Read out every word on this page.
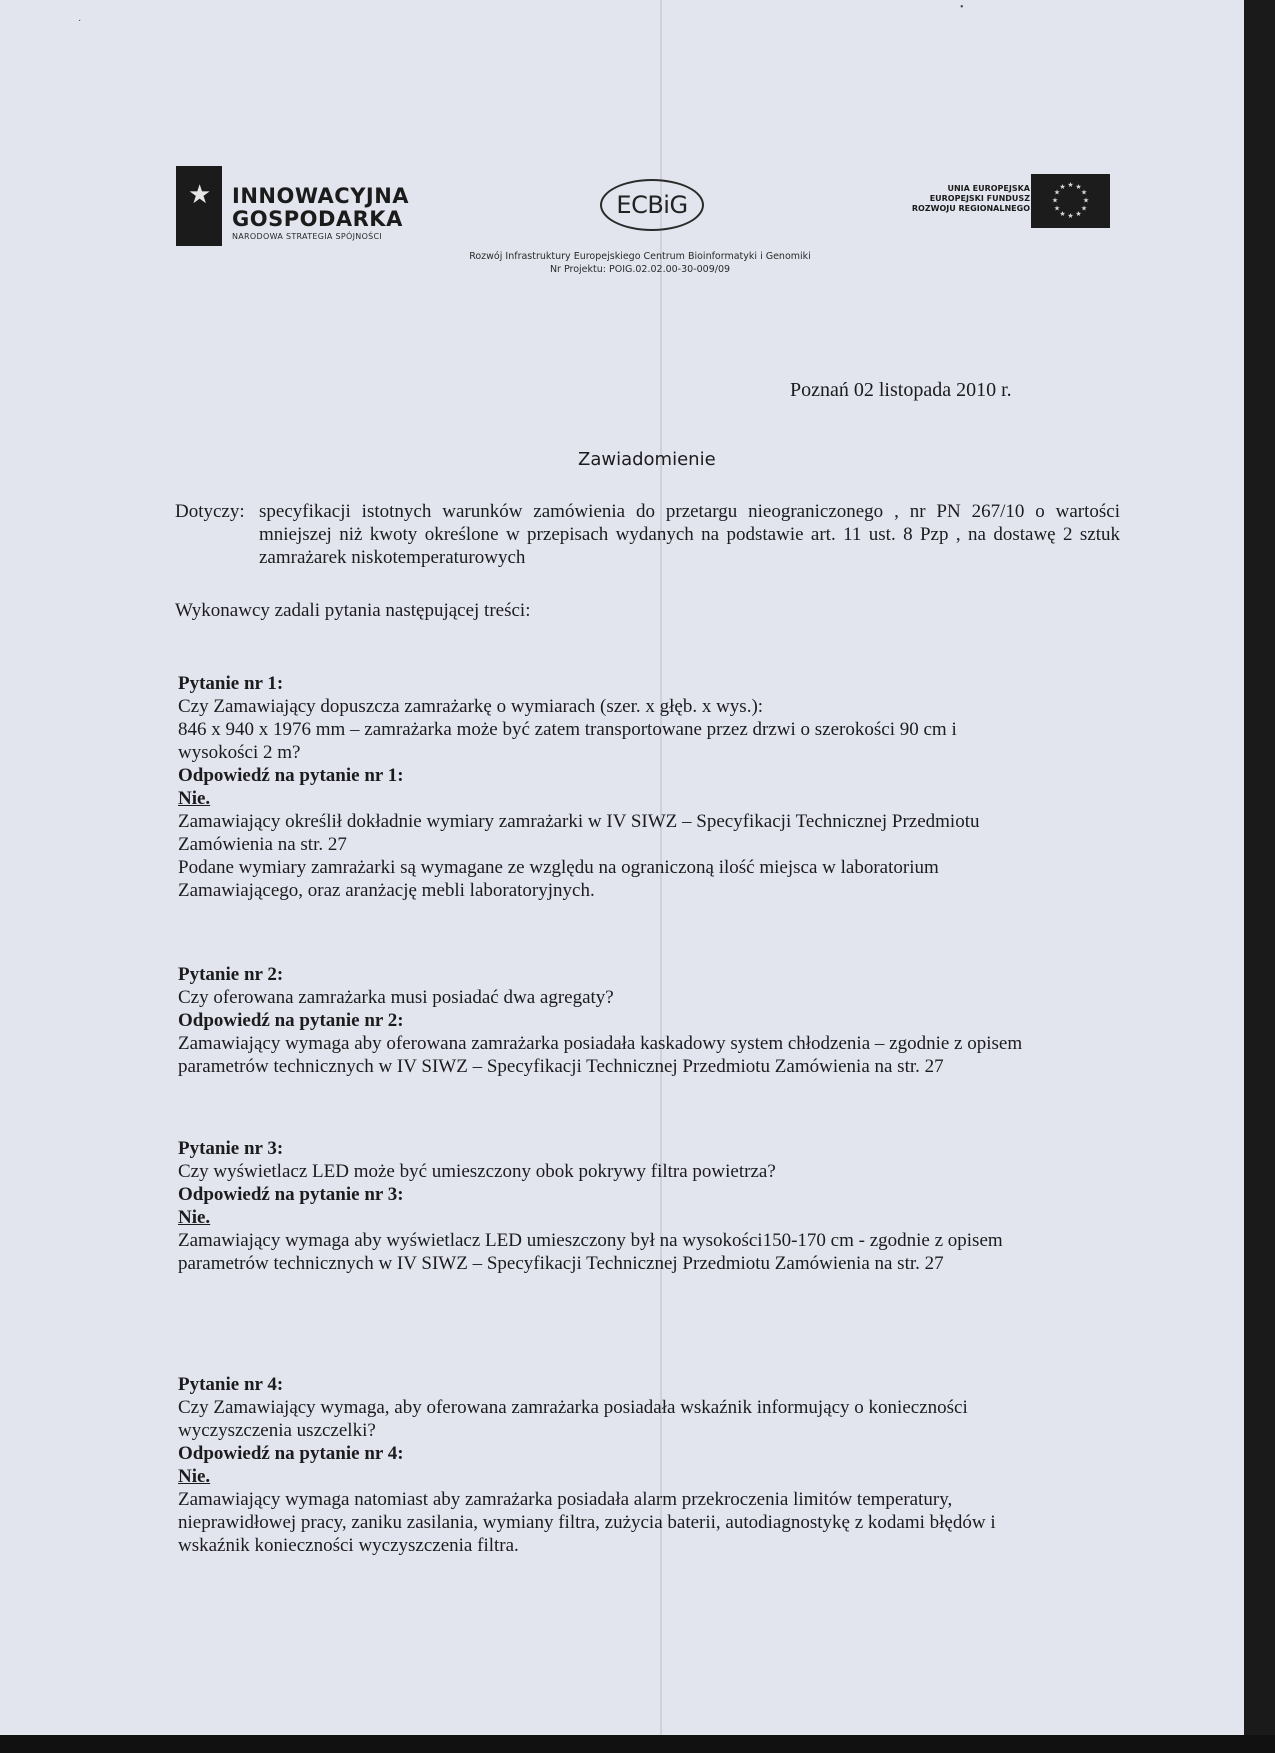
★ INNOWACYJNA
GOSPODARKA
NARODOWA STRATEGIA SPÓJNOŚCI
ECBiG
UNIA EUROPEJSKA
EUROPEJSKI FUNDUSZ
ROZWOJU REGIONALNEGO
★ ★
★
★
★
★
★
★
★
★
★
★
Rozwój Infrastruktury Europejskiego Centrum Bioinformatyki i Genomiki
Nr Projektu: POIG.02.02.00-30-009/09
Poznań 02 listopada 2010 r.
Zawiadomienie
Dotyczy: specyfikacji istotnych warunków zamówienia do przetargu nieograniczonego , nr PN 267/10 o wartości mniejszej niż kwoty określone w przepisach wydanych na podstawie art. 11 ust. 8 Pzp , na dostawę 2 sztuk zamrażarek niskotemperaturowych
Wykonawcy zadali pytania następującej treści:

Pytanie nr 1:

Czy Zamawiający dopuszcza zamrażarkę o wymiarach (szer. x głęb. x wys.):

846 x 940 x 1976 mm – zamrażarka może być zatem transportowane przez drzwi o szerokości 90 cm i

wysokości 2 m?

Odpowiedź na pytanie nr 1:

Nie.

Zamawiający określił dokładnie wymiary zamrażarki w IV SIWZ – Specyfikacji Technicznej Przedmiotu

Zamówienia na str. 27

Podane wymiary zamrażarki są wymagane ze względu na ograniczoną ilość miejsca w laboratorium

Zamawiającego, oraz aranżację mebli laboratoryjnych.

Pytanie nr 2:

Czy oferowana zamrażarka musi posiadać dwa agregaty?

Odpowiedź na pytanie nr 2:

Zamawiający wymaga aby oferowana zamrażarka posiadała kaskadowy system chłodzenia – zgodnie z opisem

parametrów technicznych w IV SIWZ – Specyfikacji Technicznej Przedmiotu Zamówienia na str. 27

Pytanie nr 3:

Czy wyświetlacz LED może być umieszczony obok pokrywy filtra powietrza?

Odpowiedź na pytanie nr 3:

Nie.

Zamawiający wymaga aby wyświetlacz LED umieszczony był na wysokości150-170 cm - zgodnie z opisem

parametrów technicznych w IV SIWZ – Specyfikacji Technicznej Przedmiotu Zamówienia na str. 27

Pytanie nr 4:

Czy Zamawiający wymaga, aby oferowana zamrażarka posiadała wskaźnik informujący o konieczności

wyczyszczenia uszczelki?

Odpowiedź na pytanie nr 4:

Nie.

Zamawiający wymaga natomiast aby zamrażarka posiadała alarm przekroczenia limitów temperatury,

nieprawidłowej pracy, zaniku zasilania, wymiany filtra, zużycia baterii, autodiagnostykę z kodami błędów i

wskaźnik konieczności wyczyszczenia filtra.

•
·
